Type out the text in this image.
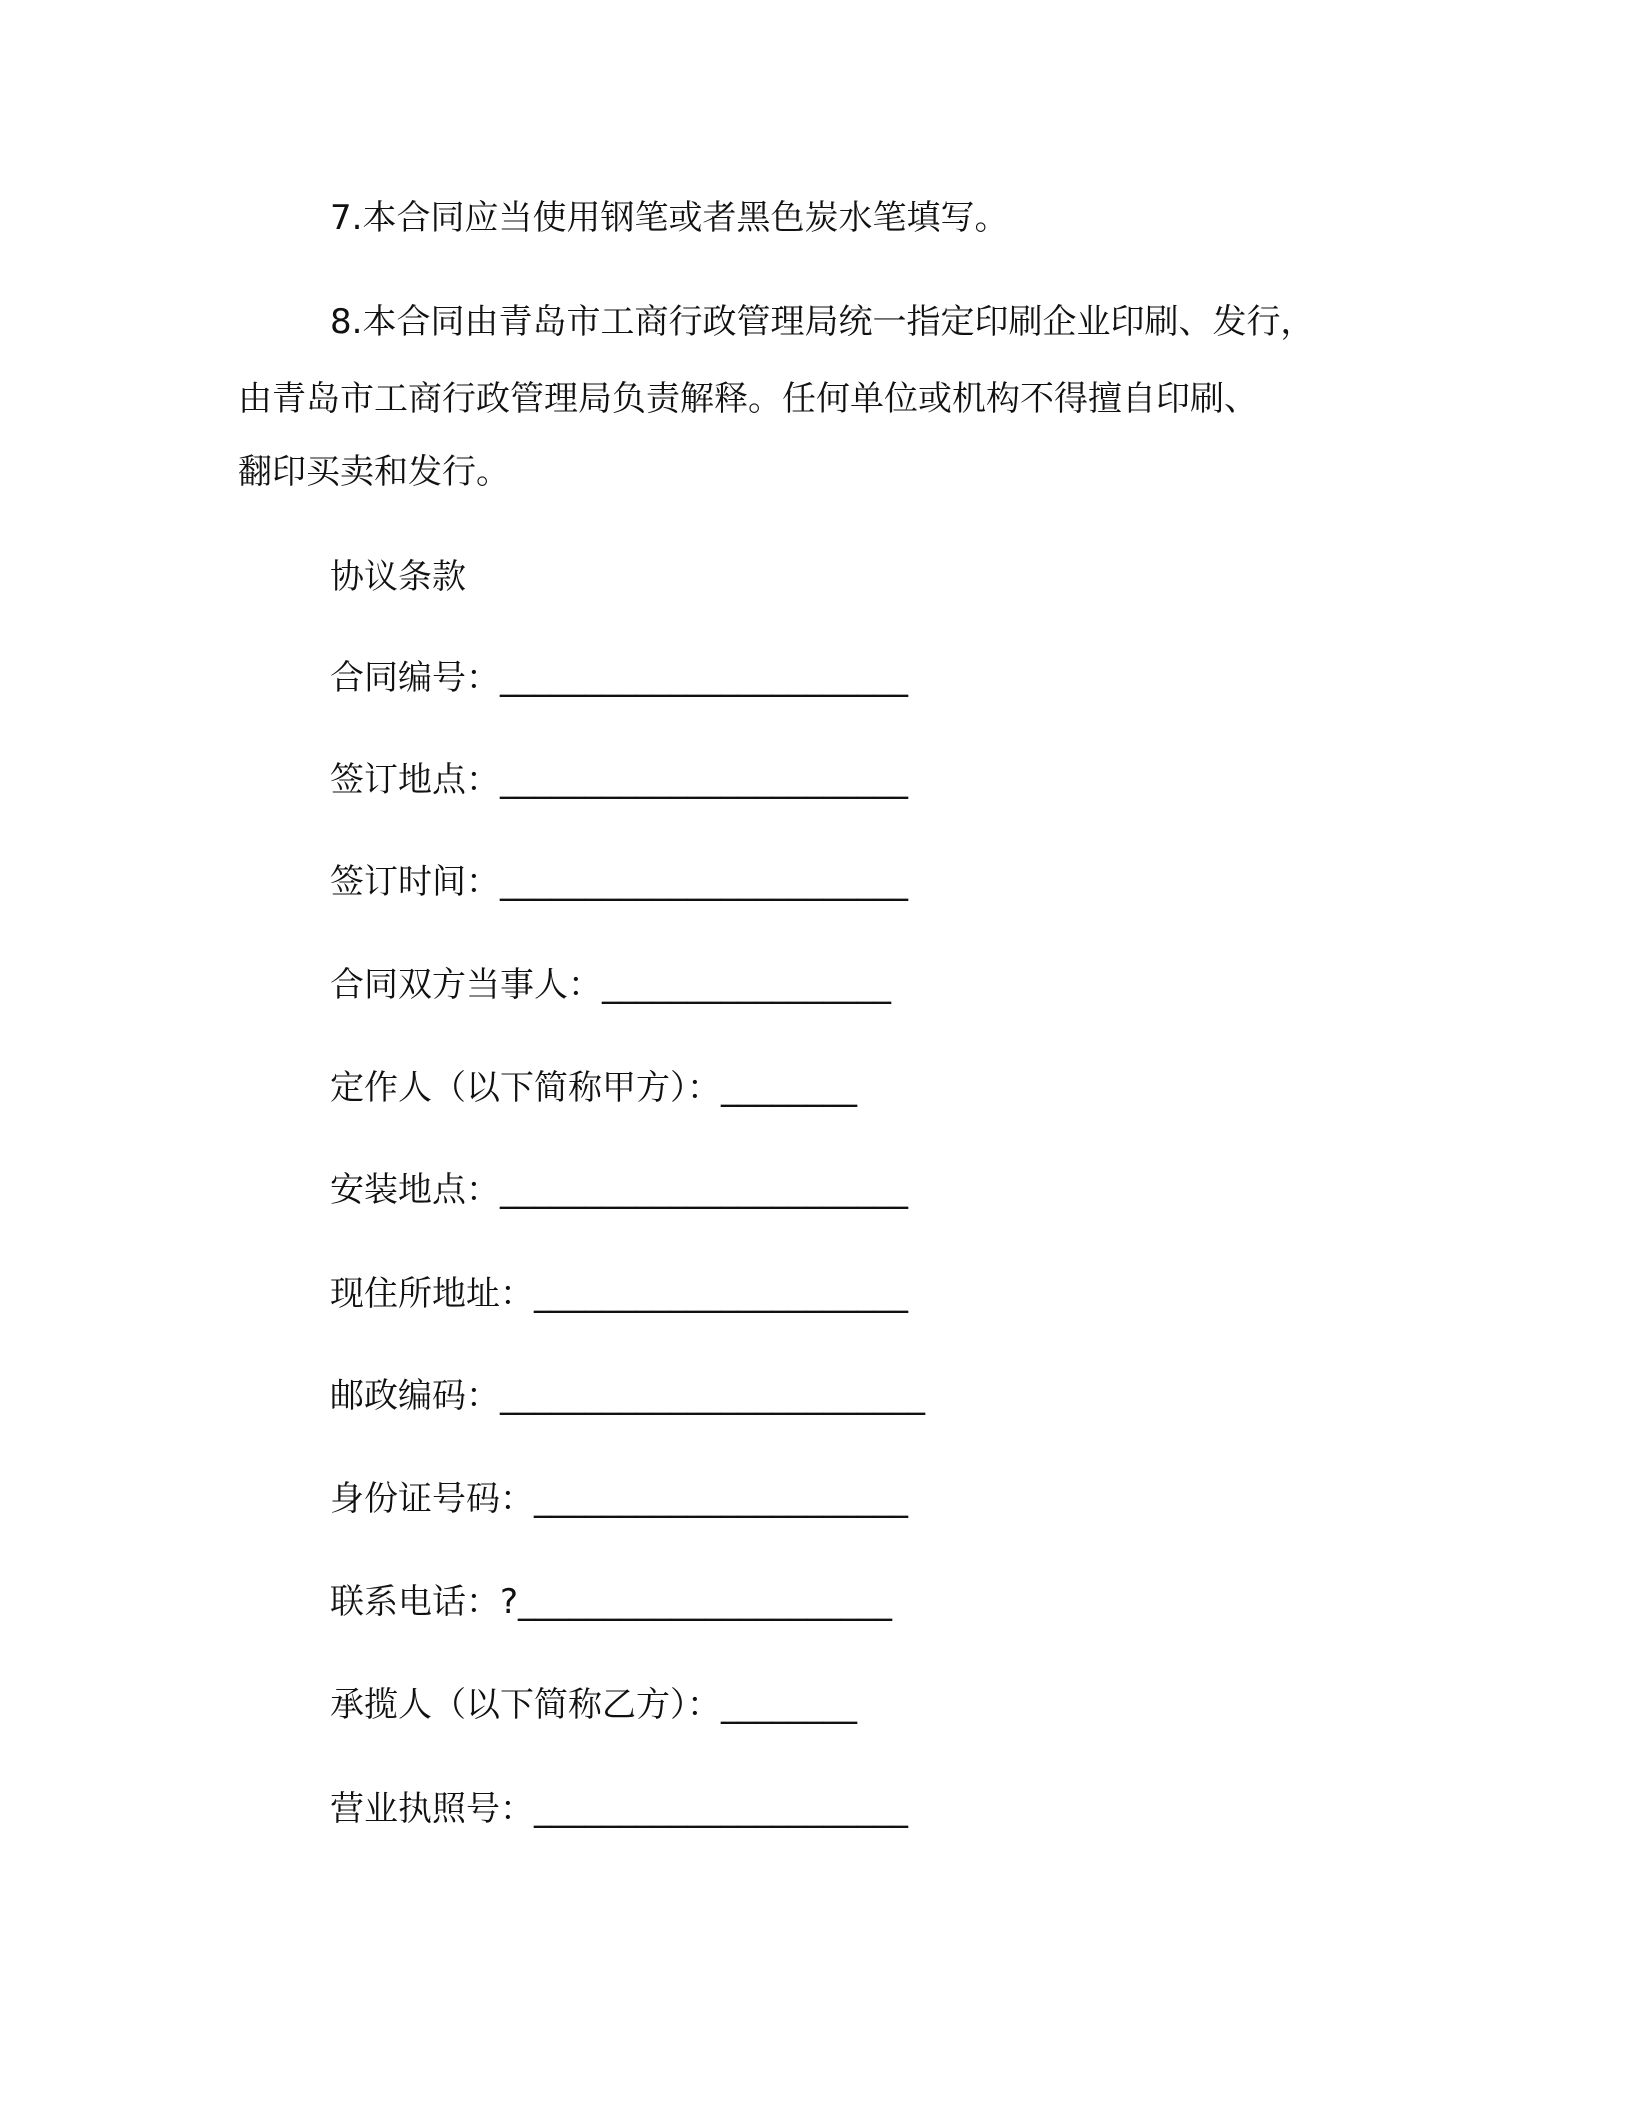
7.本合同应当使用钢笔或者黑色炭水笔填写。

8.本合同由青岛市工商行政管理局统一指定印刷企业印刷、发行，

由青岛市工商行政管理局负责解释。任何单位或机构不得擅自印刷、

翻印买卖和发行。

协议条款

合同编号：________________________

签订地点：________________________

签订时间：________________________

合同双方当事人：_________________

定作人（以下简称甲方）：________

安装地点：________________________

现住所地址：______________________

邮政编码：_________________________

身份证号码：______________________

联系电话：?______________________

承揽人（以下简称乙方）：________

营业执照号：______________________
